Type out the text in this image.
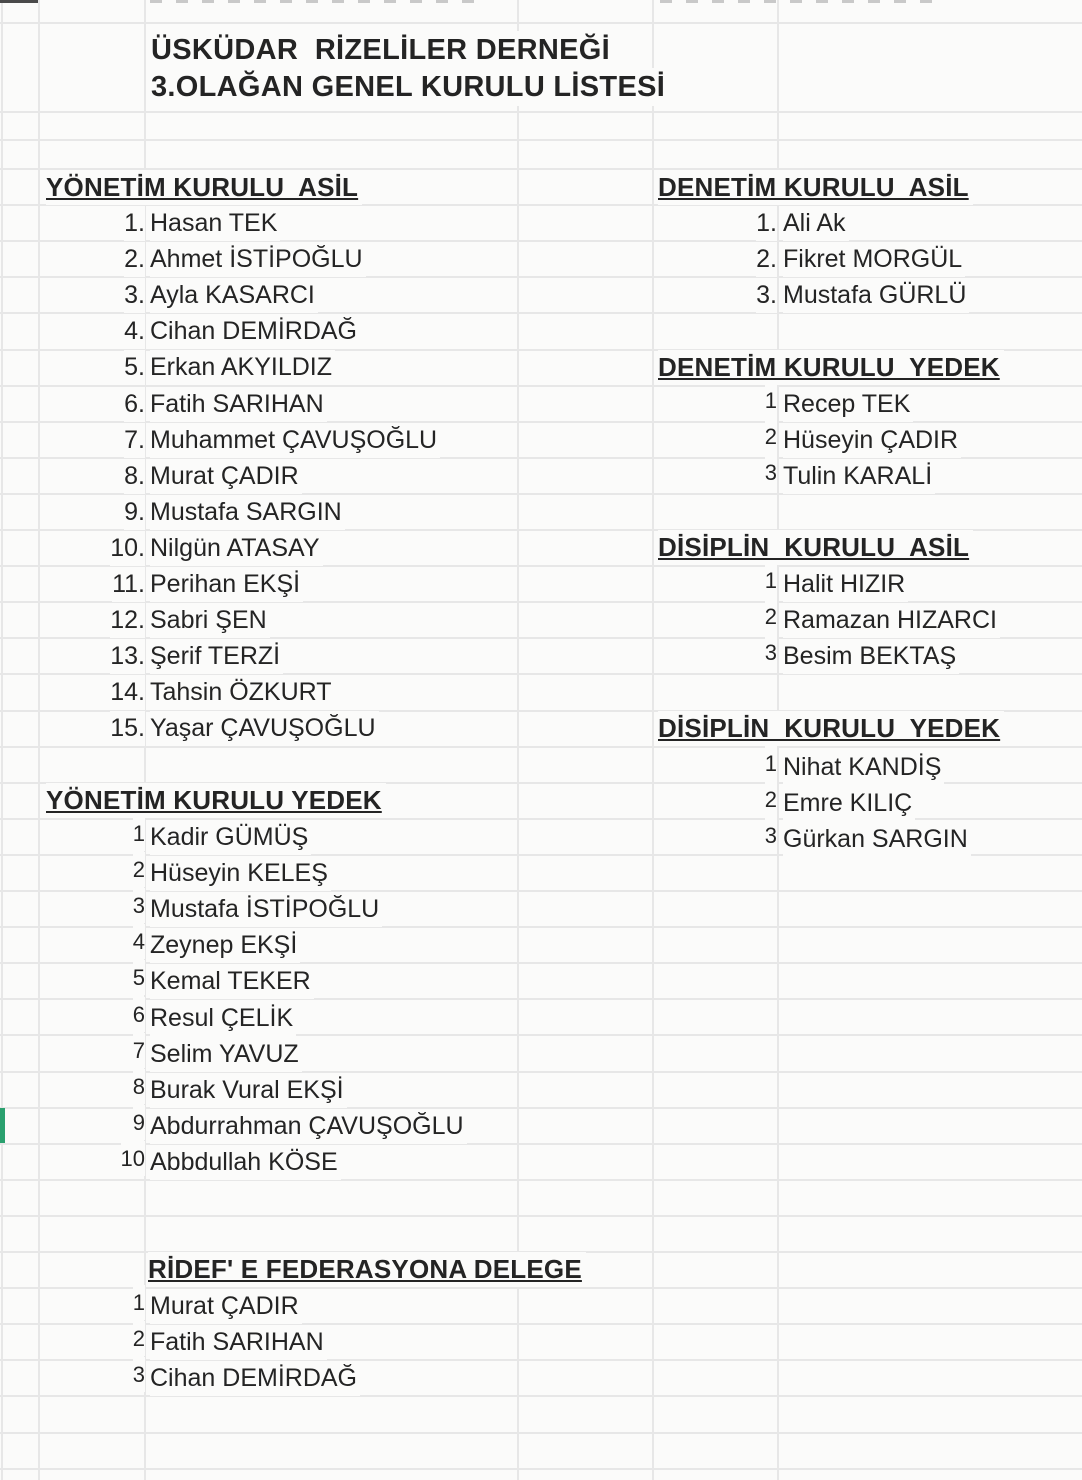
ÜSKÜDAR  RİZELİLER DERNEĞİ
3.OLAĞAN GENEL KURULU LİSTESİ
YÖNETİM KURULU  ASİL
1. Hasan TEK
2. Ahmet İSTİPOĞLU
3. Ayla KASARCI
4. Cihan DEMİRDAĞ
5. Erkan AKYILDIZ
6. Fatih SARIHAN
7. Muhammet ÇAVUŞOĞLU
8. Murat ÇADIR
9. Mustafa SARGIN
10. Nilgün ATASAY
11. Perihan EKŞİ
12. Sabri ŞEN
13. Şerif TERZİ
14. Tahsin ÖZKURT
15. Yaşar ÇAVUŞOĞLU
YÖNETİM KURULU YEDEK
1 Kadir GÜMÜŞ
2 Hüseyin KELEŞ
3 Mustafa İSTİPOĞLU
4 Zeynep EKŞİ
5 Kemal TEKER
6 Resul ÇELİK
7 Selim YAVUZ
8 Burak Vural EKŞİ
9 Abdurrahman ÇAVUŞOĞLU
10 Abbdullah KÖSE
RİDEF' E FEDERASYONA DELEGE
1 Murat ÇADIR
2 Fatih SARIHAN
3 Cihan DEMİRDAĞ
DENETİM KURULU  ASİL
1. Ali Ak
2. Fikret MORGÜL
3. Mustafa GÜRLÜ
DENETİM KURULU  YEDEK
1 Recep TEK
2 Hüseyin ÇADIR
3 Tulin KARALİ
DİSİPLİN  KURULU  ASİL
1 Halit HIZIR
2 Ramazan HIZARCI
3 Besim BEKTAŞ
DİSİPLİN  KURULU  YEDEK
1 Nihat KANDİŞ
2 Emre KILIÇ
3 Gürkan SARGIN
